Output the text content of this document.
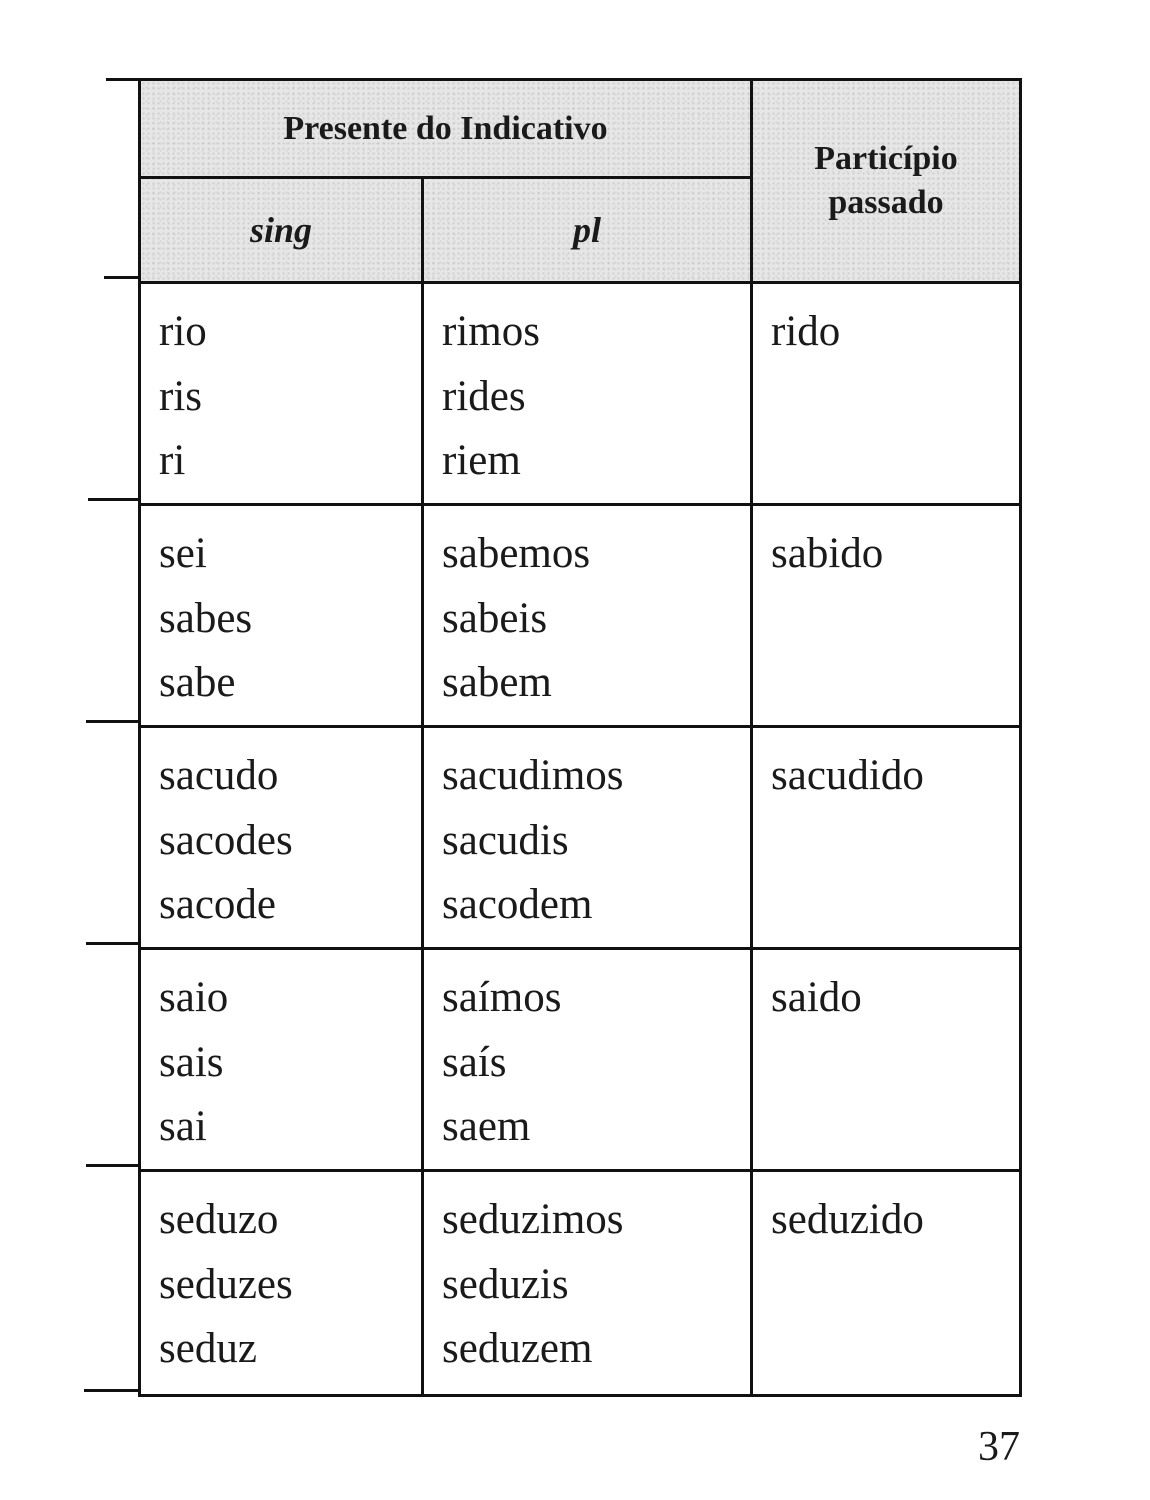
Presente do Indicativo
sing	pl
Particípio
passado
rio
ris
ri
rimos
rides
riem
rido
sei
sabes
sabe
sabemos
sabeis
sabem
sabido
sacudo
sacodes
sacode
sacudimos
sacudis
sacodem
sacudido
saio
sais
sai
saímos
saís
saem
saido
seduzo
seduzes
seduz
seduzimos
seduzis
seduzem
seduzido
37
